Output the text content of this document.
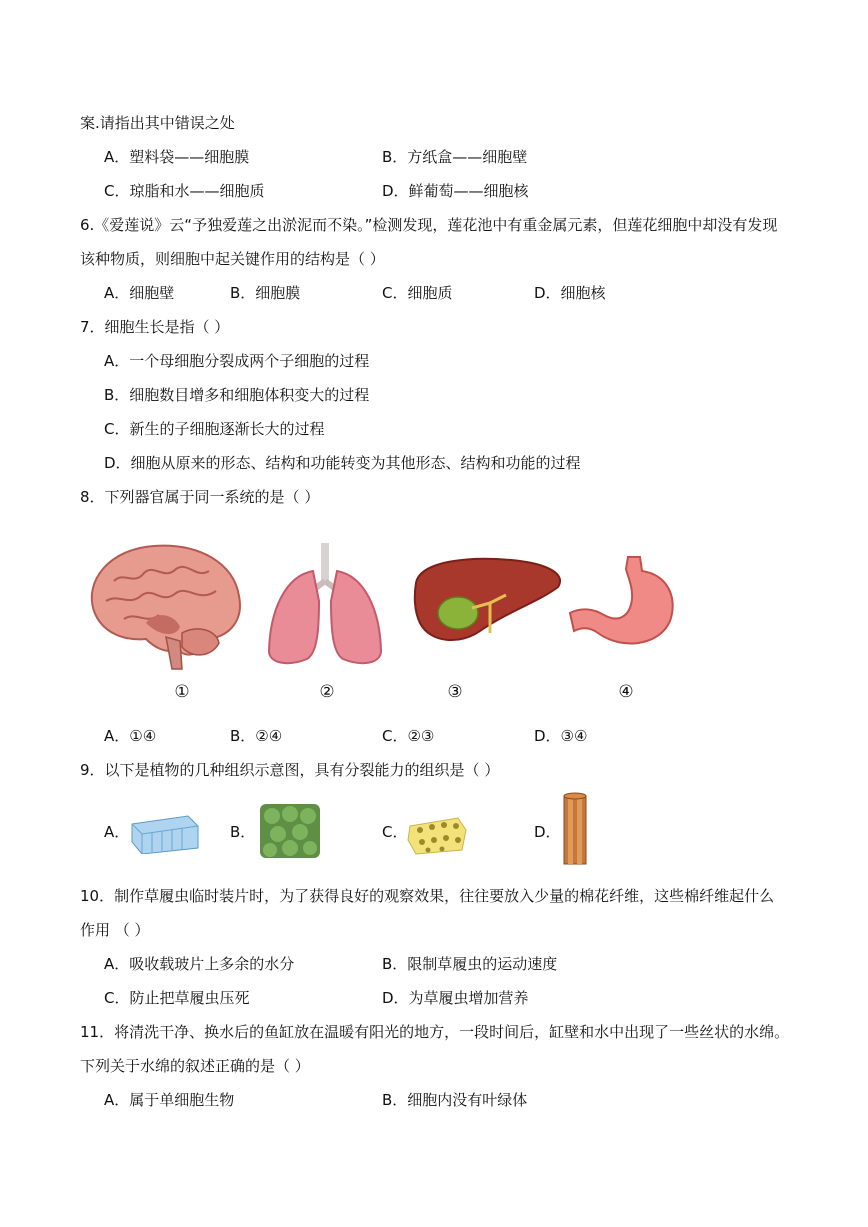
案.请指出其中错误之处
A．塑料袋——细胞膜	B．方纸盒——细胞壁
C．琼脂和水——细胞质	D．鲜葡萄——细胞核
6.《爱莲说》云“予独爱莲之出淤泥而不染。”检测发现，莲花池中有重金属元素，但莲花细胞中却没有发现
该种物质，则细胞中起关键作用的结构是（ ）
A．细胞壁	B．细胞膜	C．细胞质	D．细胞核
7．细胞生长是指（ ）
A．一个母细胞分裂成两个子细胞的过程
B．细胞数目增多和细胞体积变大的过程
C．新生的子细胞逐渐长大的过程
D．细胞从原来的形态、结构和功能转变为其他形态、结构和功能的过程
8．下列器官属于同一系统的是（ ）
①	②	③	④
A．①④	B．②④	C．②③	D．③④
9．以下是植物的几种组织示意图，具有分裂能力的组织是（ ）
A．	B．	C．	D．
10．制作草履虫临时装片时，为了获得良好的观察效果，往往要放入少量的棉花纤维，这些棉纤维起什么
作用 （ ）
A．吸收载玻片上多余的水分	B．限制草履虫的运动速度
C．防止把草履虫压死	D．为草履虫增加营养
11．将清洗干净、换水后的鱼缸放在温暖有阳光的地方，一段时间后，缸壁和水中出现了一些丝状的水绵。
下列关于水绵的叙述正确的是（ ）
A．属于单细胞生物	B．细胞内没有叶绿体
